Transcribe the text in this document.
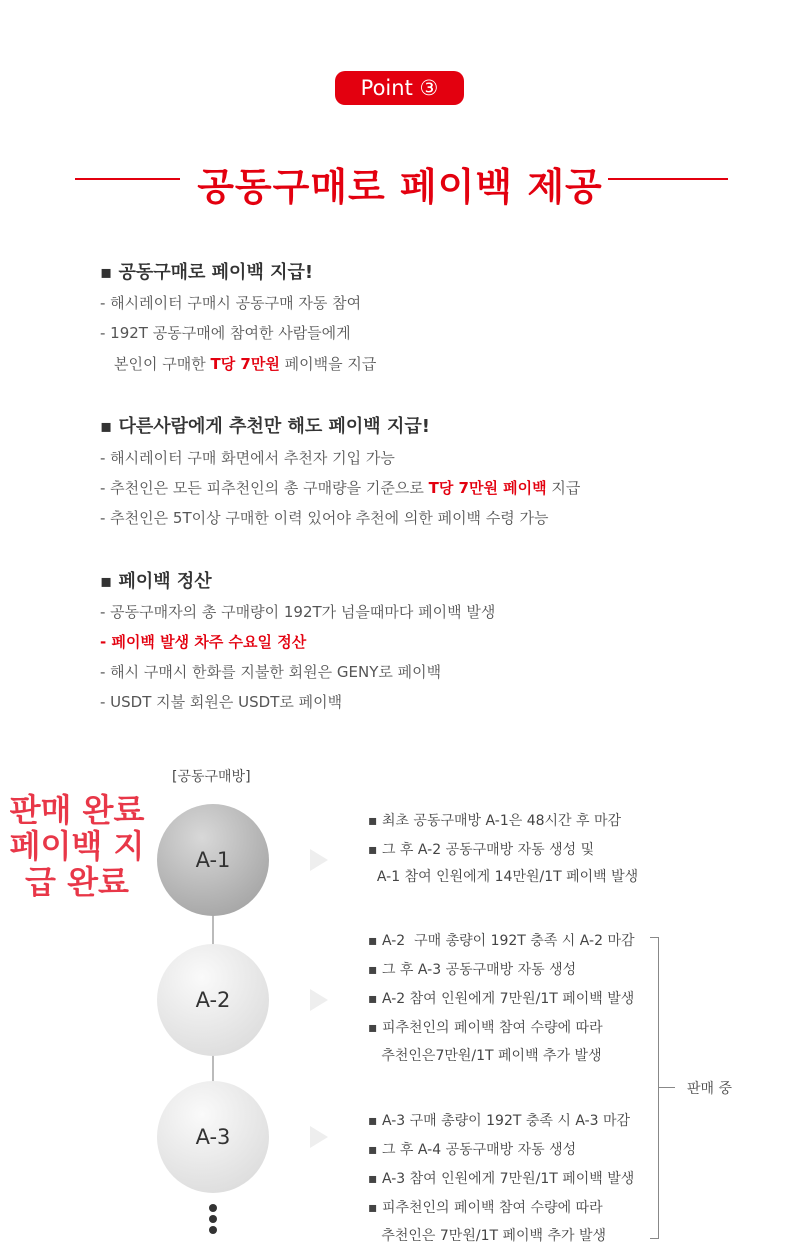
Point ③
공동구매로 페이백 제공
▪ 공동구매로 페이백 지급!
- 해시레이터 구매시 공동구매 자동 참여
- 192T 공동구매에 참여한 사람들에게
본인이 구매한 T당 7만원 페이백을 지급
▪ 다른사람에게 추천만 해도 페이백 지급!
- 해시레이터 구매 화면에서 추천자 기입 가능
- 추천인은 모든 피추천인의 총 구매량을 기준으로 T당 7만원 페이백 지급
- 추천인은 5T이상 구매한 이력 있어야 추천에 의한 페이백 수령 가능
▪ 페이백 정산
- 공동구매자의 총 구매량이 192T가 넘을때마다 페이백 발생
- 페이백 발생 차주 수요일 정산
- 해시 구매시 한화를 지불한 회원은 GENY로 페이백
- USDT 지불 회원은 USDT로 페이백
[공동구매방]
A-1
A-2
A-3
▪ 최초 공동구매방 A-1은 48시간 후 마감
▪ 그 후 A-2 공동구매방 자동 생성 및
A-1 참여 인원에게 14만원/1T 페이백 발생
판매 완료
페이백 지급 완료
▪ A-2  구매 총량이 192T 충족 시 A-2 마감
▪ 그 후 A-3 공동구매방 자동 생성
▪ A-2 참여 인원에게 7만원/1T 페이백 발생
▪ 피추천인의 페이백 참여 수량에 따라
추천인은7만원/1T 페이백 추가 발생
▪ A-3 구매 총량이 192T 충족 시 A-3 마감
▪ 그 후 A-4 공동구매방 자동 생성
▪ A-3 참여 인원에게 7만원/1T 페이백 발생
▪ 피추천인의 페이백 참여 수량에 따라
추천인은 7만원/1T 페이백 추가 발생
판매 중
